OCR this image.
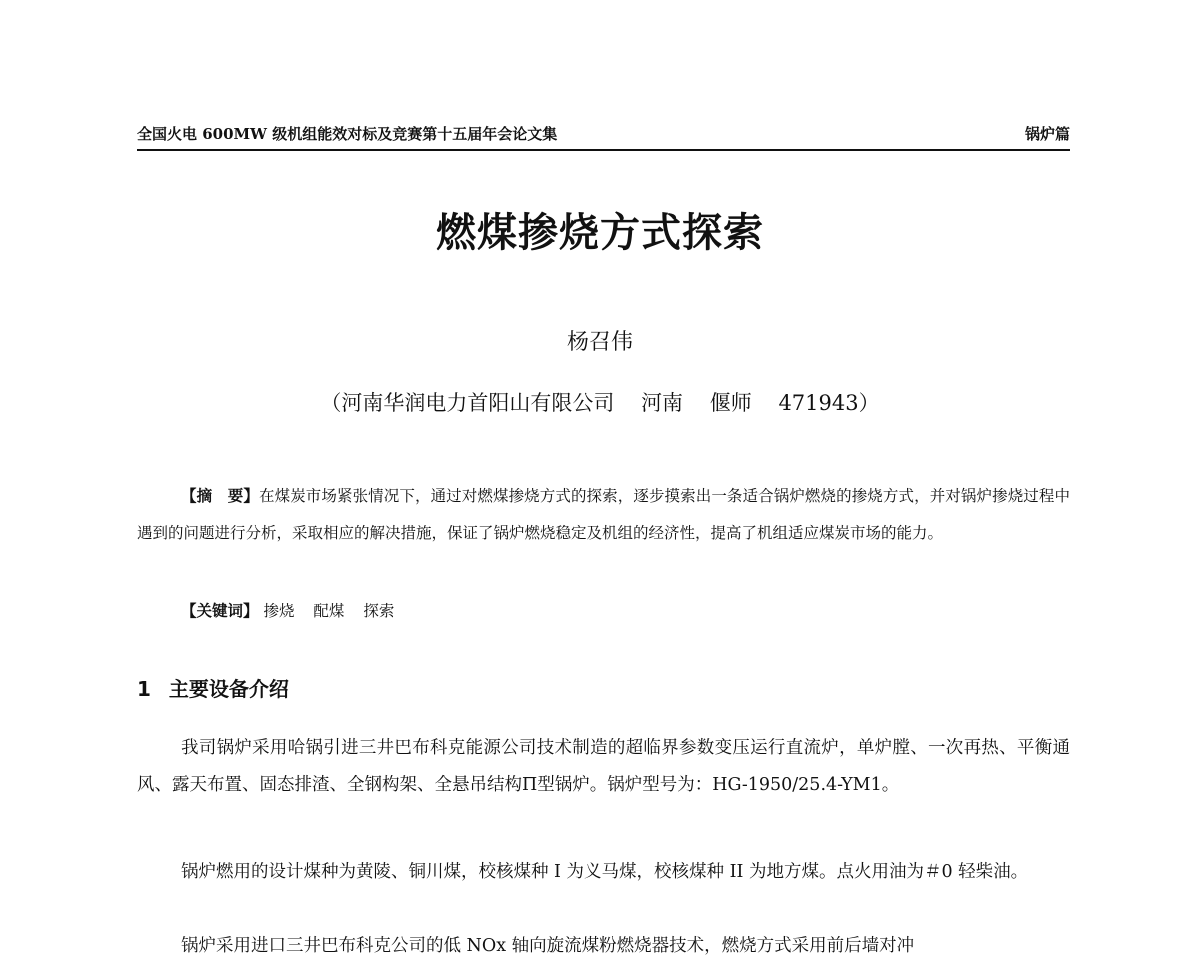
全国火电 600MW 级机组能效对标及竞赛第十五届年会论文集	锅炉篇
燃煤掺烧方式探索
杨召伟
（河南华润电力首阳山有限公司 河南 偃师 471943）
【摘　要】在煤炭市场紧张情况下，通过对燃煤掺烧方式的探索，逐步摸索出一条适合锅炉燃烧的掺烧方式，并对锅炉掺烧过程中遇到的问题进行分析，采取相应的解决措施，保证了锅炉燃烧稳定及机组的经济性，提高了机组适应煤炭市场的能力。
【关键词】 掺烧 配煤 探索
1 主要设备介绍
我司锅炉采用哈锅引进三井巴布科克能源公司技术制造的超临界参数变压运行直流炉，单炉膛、一次再热、平衡通风、露天布置、固态排渣、全钢构架、全悬吊结构Π型锅炉。锅炉型号为：HG-1950/25.4-YM1。
锅炉燃用的设计煤种为黄陵、铜川煤，校核煤种 I 为义马煤，校核煤种 II 为地方煤。点火用油为＃0 轻柴油。
锅炉采用进口三井巴布科克公司的低 NOx 轴向旋流煤粉燃烧器技术，燃烧方式采用前后墙对冲
